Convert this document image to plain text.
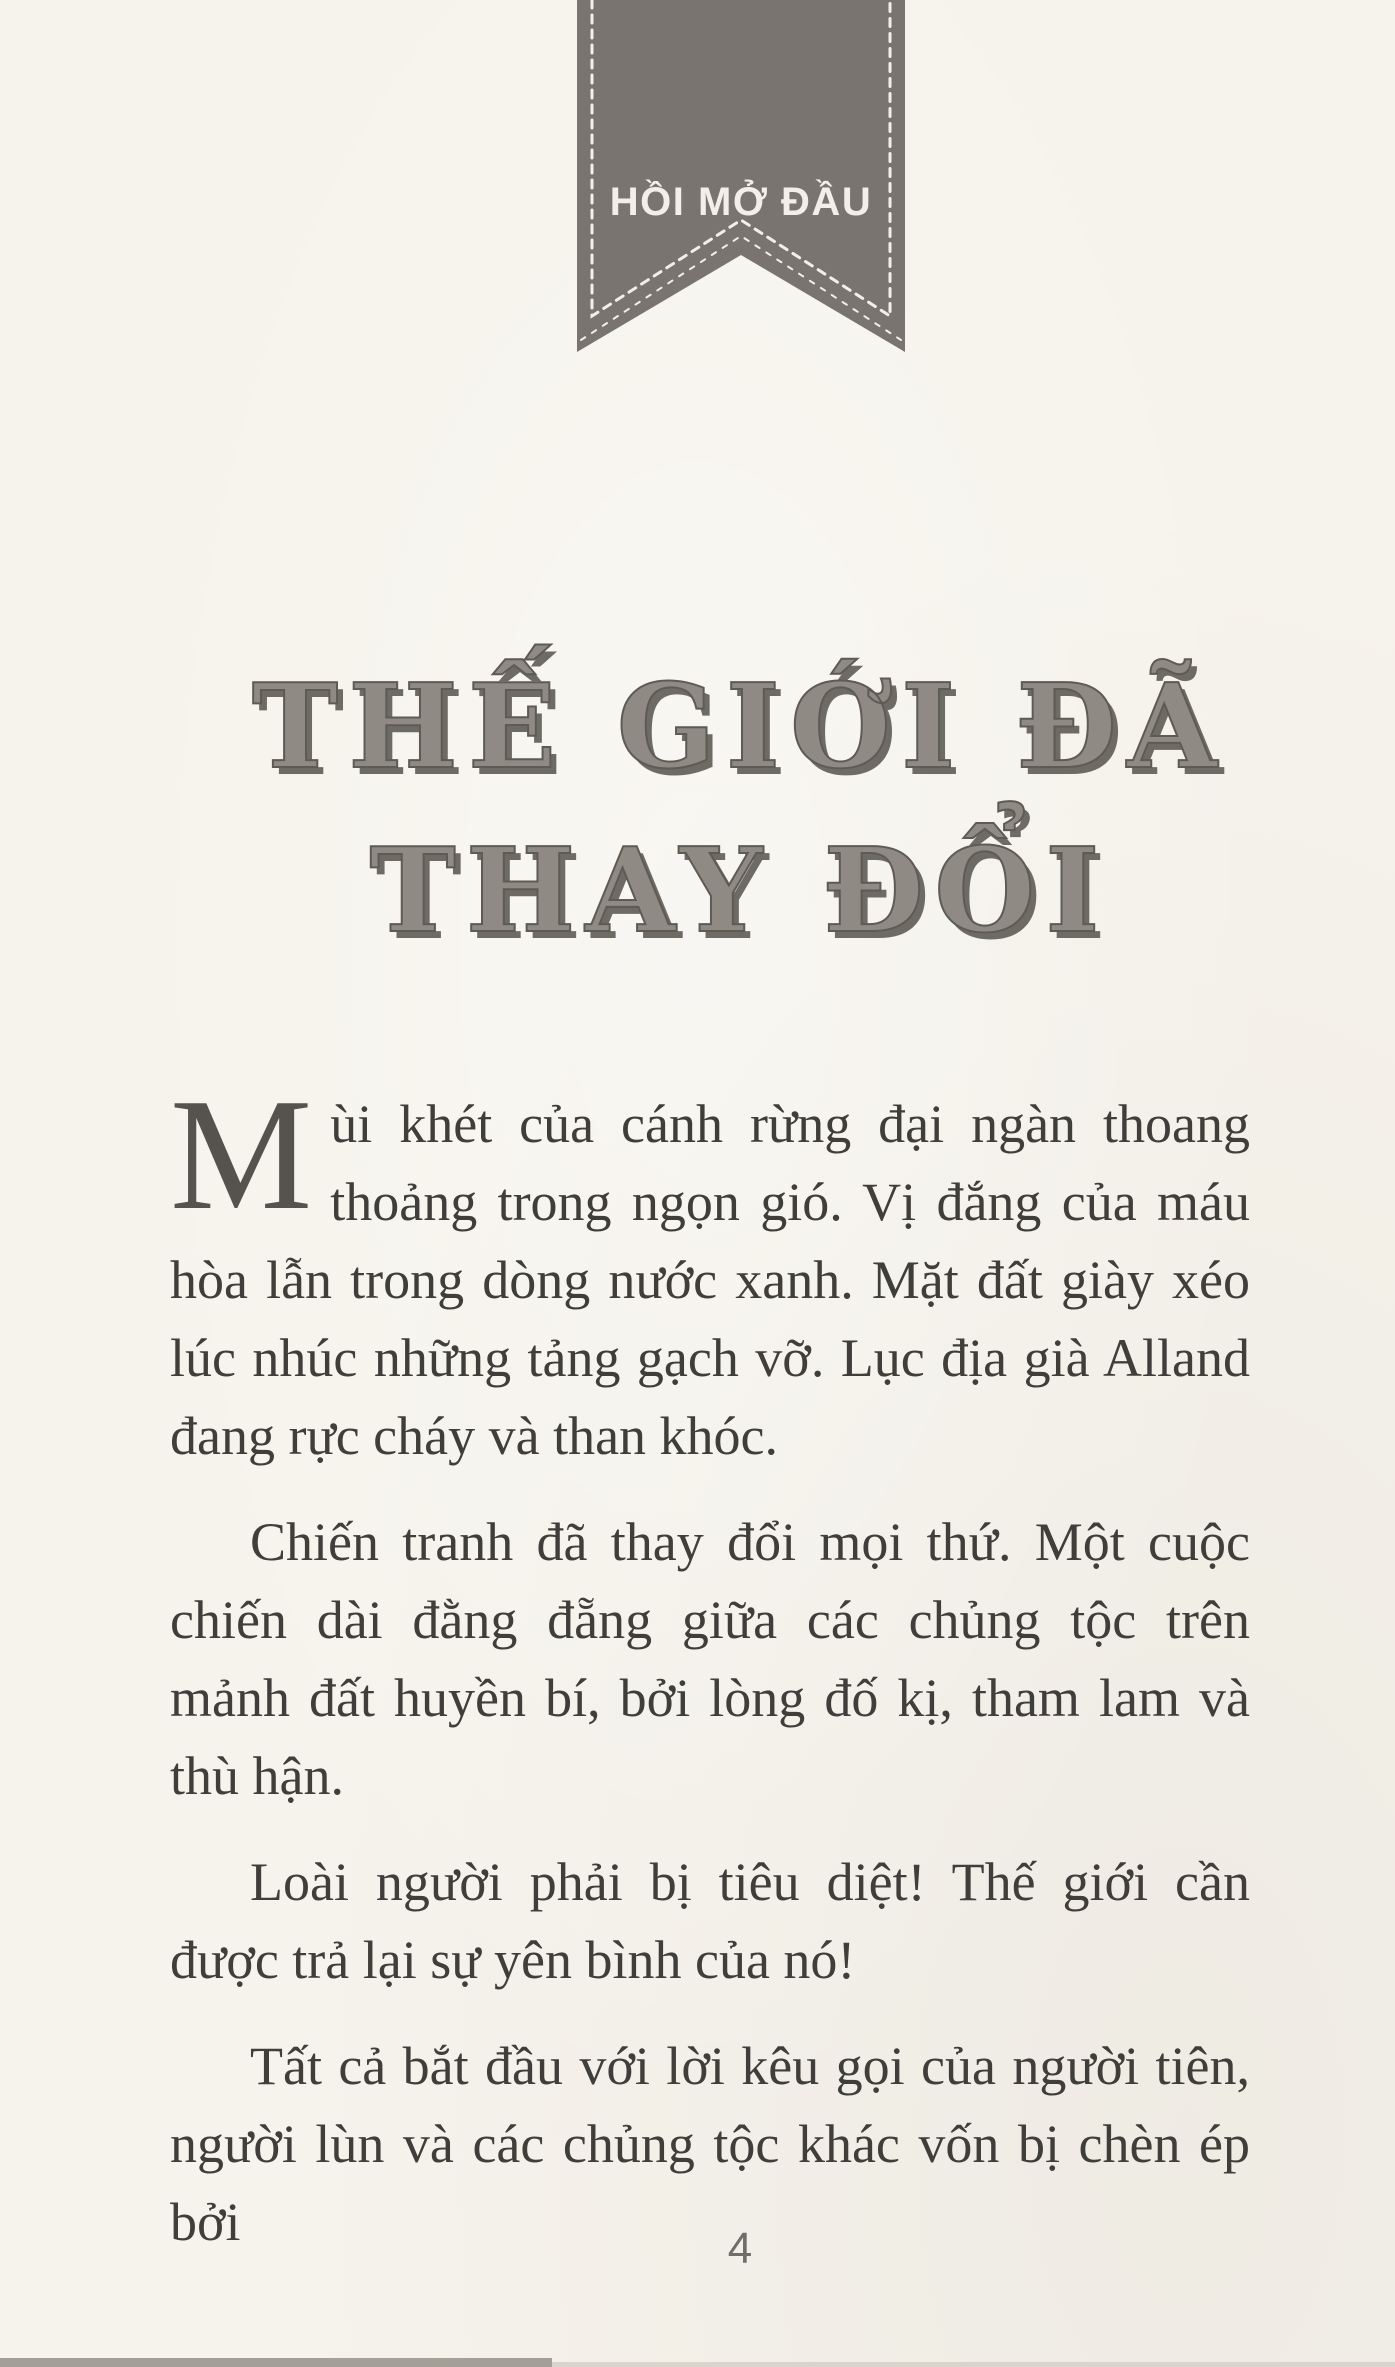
HỒI MỞ ĐẦU
THẾ GIỚI ĐÃ
THAY ĐỔI

Mùi khét của cánh rừng đại ngàn thoang thoảng trong ngọn gió. Vị đắng của máu hòa lẫn trong dòng nước xanh. Mặt đất giày xéo lúc nhúc những tảng gạch vỡ. Lục địa già Alland đang rực cháy và than khóc.

Chiến tranh đã thay đổi mọi thứ. Một cuộc chiến dài đằng đẵng giữa các chủng tộc trên mảnh đất huyền bí, bởi lòng đố kị, tham lam và thù hận.

Loài người phải bị tiêu diệt! Thế giới cần được trả lại sự yên bình của nó!

Tất cả bắt đầu với lời kêu gọi của người tiên, người lùn và các chủng tộc khác vốn bị chèn ép bởi	4
